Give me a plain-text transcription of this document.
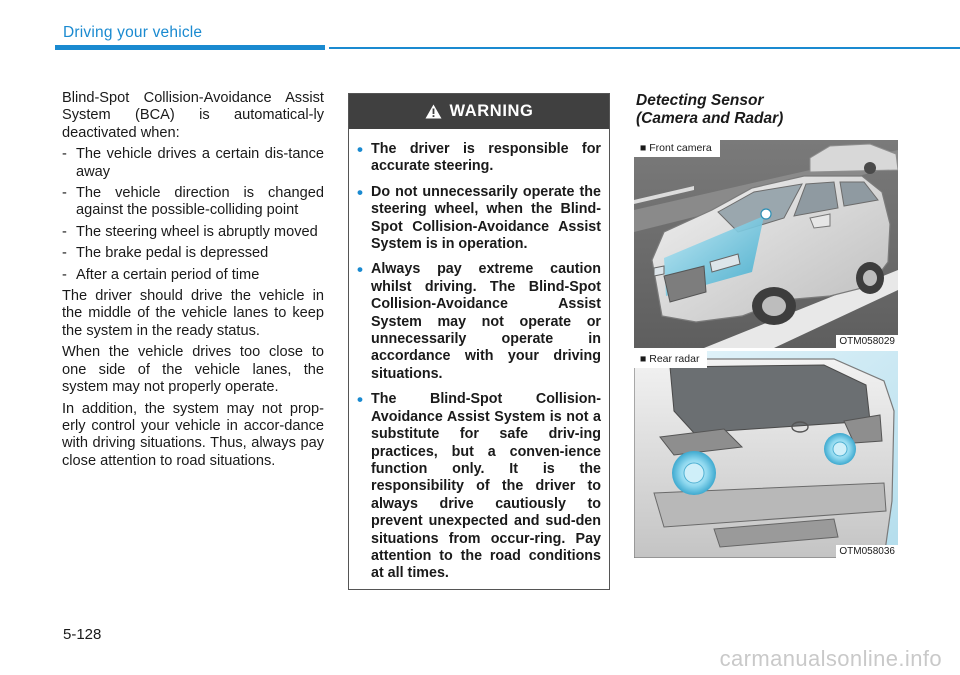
Driving your vehicle

Blind-Spot Collision-Avoidance Assist System (BCA) is automatical-ly deactivated when:

- The vehicle drives a certain dis-tance away
- The vehicle direction is changed against the possible-colliding point
- The steering wheel is abruptly moved
- The brake pedal is depressed
- After a certain period of time

The driver should drive the vehicle in the middle of the vehicle lanes to keep the system in the ready status.

When the vehicle drives too close to one side of the vehicle lanes, the system may not properly operate.

In addition, the system may not prop-erly control your vehicle in accor-dance with driving situations. Thus, always pay close attention to road situations.

WARNING
• The driver is responsible for accurate steering.
• Do not unnecessarily operate the steering wheel, when the Blind-Spot Collision-Avoidance Assist System is in operation.
• Always pay extreme caution whilst driving. The Blind-Spot Collision-Avoidance Assist System may not operate or unnecessarily operate in accordance with your driving situations.
• The Blind-Spot Collision-Avoidance Assist System is not a substitute for safe driv-ing practices, but a conven-ience function only. It is the responsibility of the driver to always drive cautiously to prevent unexpected and sud-den situations from occur-ring. Pay attention to the road conditions at all times.
Detecting Sensor
(Camera and Radar)
■ Front camera
OTM058029
■ Rear radar
OTM058036
5-128
carmanualsonline.info
